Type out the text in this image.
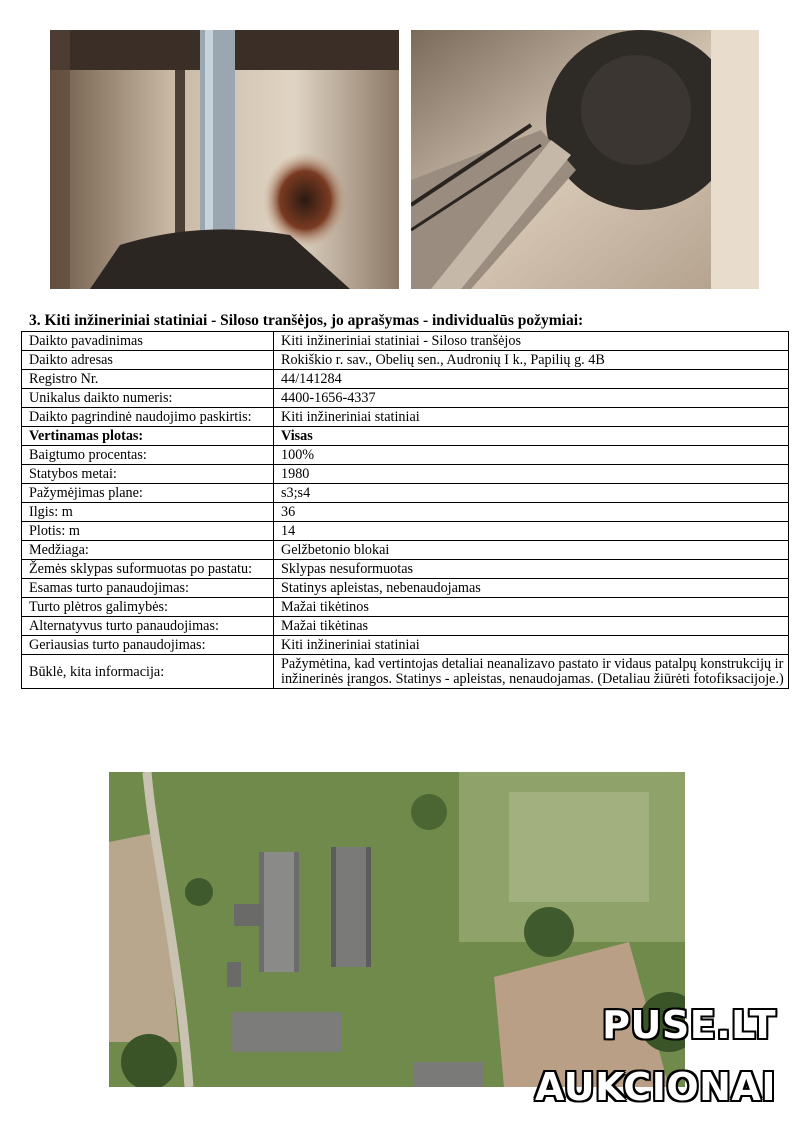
3. Kiti inžineriniai statiniai - Siloso tranšėjos, jo aprašymas - individualūs požymiai:
Daikto pavadinimas	Kiti inžineriniai statiniai - Siloso tranšėjos
Daikto adresas	Rokiškio r. sav., Obelių sen., Audronių I k., Papilių g. 4B
Registro Nr.	44/141284
Unikalus daikto numeris:	4400-1656-4337
Daikto pagrindinė naudojimo paskirtis:	Kiti inžineriniai statiniai
Vertinamas plotas:	Visas
Baigtumo procentas:	100%
Statybos metai:	1980
Pažymėjimas plane:	s3;s4
Ilgis: m	36
Plotis: m	14
Medžiaga:	Gelžbetonio blokai
Žemės sklypas suformuotas po pastatu:	Sklypas nesuformuotas
Esamas turto panaudojimas:	Statinys apleistas, nebenaudojamas
Turto plėtros galimybės:	Mažai tikėtinos
Alternatyvus turto panaudojimas:	Mažai tikėtinas
Geriausias turto panaudojimas:	Kiti inžineriniai statiniai
Būklė, kita informacija:	Pažymėtina, kad vertintojas detaliai neanalizavo pastato ir vidaus patalpų konstrukcijų ir inžinerinės įrangos. Statinys - apleistas, nenaudojamas. (Detaliau žiūrėti fotofiksacijoje.)
PUSE.LT
AUKCIONAI
